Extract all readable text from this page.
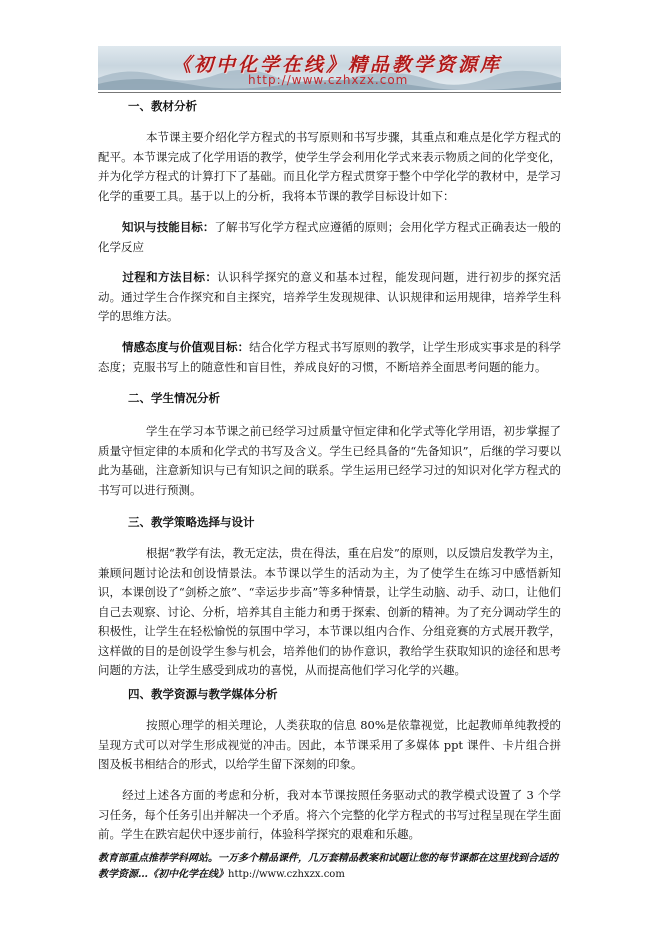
《初中化学在线》精品教学资源库
http://www.czhxzx.com
一、教材分析
本节课主要介绍化学方程式的书写原则和书写步骤，其重点和难点是化学方程式的配平。本节课完成了化学用语的教学，使学生学会利用化学式来表示物质之间的化学变化，并为化学方程式的计算打下了基础。而且化学方程式贯穿于整个中学化学的教材中，是学习化学的重要工具。基于以上的分析，我将本节课的教学目标设计如下：
知识与技能目标：了解书写化学方程式应遵循的原则；会用化学方程式正确表达一般的化学反应
过程和方法目标：认识科学探究的意义和基本过程，能发现问题，进行初步的探究活动。通过学生合作探究和自主探究，培养学生发现规律、认识规律和运用规律，培养学生科学的思维方法。
情感态度与价值观目标：结合化学方程式书写原则的教学，让学生形成实事求是的科学态度；克服书写上的随意性和盲目性，养成良好的习惯，不断培养全面思考问题的能力。
二、学生情况分析
学生在学习本节课之前已经学习过质量守恒定律和化学式等化学用语，初步掌握了质量守恒定律的本质和化学式的书写及含义。学生已经具备的“先备知识”，后继的学习要以此为基础，注意新知识与已有知识之间的联系。学生运用已经学习过的知识对化学方程式的书写可以进行预测。
三、教学策略选择与设计
根据“教学有法，教无定法，贵在得法，重在启发”的原则，以反馈启发教学为主，兼顾问题讨论法和创设情景法。本节课以学生的活动为主，为了使学生在练习中感悟新知识，本课创设了“剑桥之旅”、“幸运步步高”等多种情景，让学生动脑、动手、动口，让他们自己去观察、讨论、分析，培养其自主能力和勇于探索、创新的精神。为了充分调动学生的积极性，让学生在轻松愉悦的氛围中学习，本节课以组内合作、分组竞赛的方式展开教学，这样做的目的是创设学生参与机会，培养他们的协作意识，教给学生获取知识的途径和思考问题的方法，让学生感受到成功的喜悦，从而提高他们学习化学的兴趣。
四、教学资源与教学媒体分析
按照心理学的相关理论，人类获取的信息 80%是依靠视觉，比起教师单纯教授的呈现方式可以对学生形成视觉的冲击。因此，本节课采用了多媒体 ppt 课件、卡片组合拼图及板书相结合的形式，以给学生留下深刻的印象。
经过上述各方面的考虑和分析，我对本节课按照任务驱动式的教学模式设置了 3 个学习任务，每个任务引出并解决一个矛盾。将六个完整的化学方程式的书写过程呈现在学生面前。学生在跌宕起伏中逐步前行，体验科学探究的艰难和乐趣。
教育部重点推荐学科网站。一万多个精品课件，几万套精品教案和试题让您的每节课都在这里找到合适的教学资源…《初中化学在线》http://www.czhxzx.com
